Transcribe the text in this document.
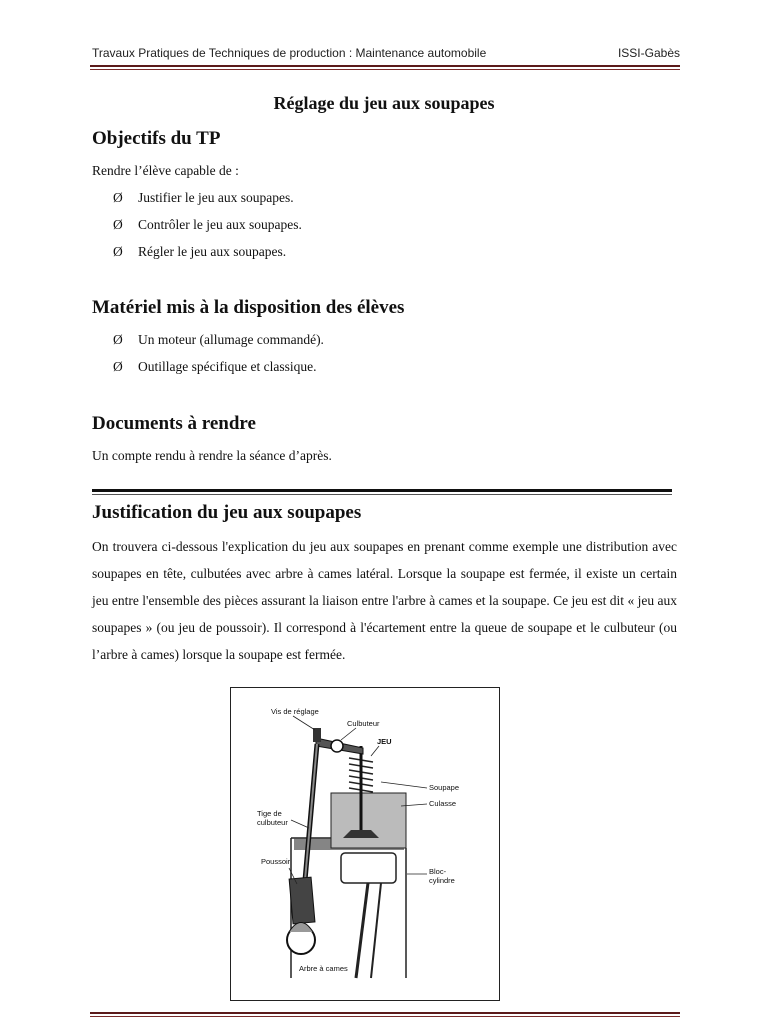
Travaux Pratiques de Techniques de production : Maintenance automobile	ISSI-Gabès
Réglage du jeu aux soupapes
Objectifs du TP
Rendre l’élève capable de :
Ø Justifier le jeu aux soupapes.
Ø Contrôler le jeu aux soupapes.
Ø Régler le jeu aux soupapes.
Matériel mis à la disposition des élèves
Ø Un moteur (allumage commandé).
Ø Outillage spécifique et classique.
Documents à rendre
Un compte rendu à rendre la séance d’après.
Justification du jeu aux soupapes
On trouvera ci-dessous l'explication du jeu aux soupapes en prenant comme exemple une distribution avec soupapes en tête, culbutées avec arbre à cames latéral. Lorsque la soupape est fermée, il existe un certain jeu entre l'ensemble des pièces assurant la liaison entre l'arbre à cames et la soupape. Ce jeu est dit « jeu aux soupapes » (ou jeu de poussoir). Il correspond à l'écartement entre la queue de soupape et le culbuteur (ou l’arbre à cames) lorsque la soupape est fermée.
Vis de réglage
Culbuteur
JEU
Soupape
Culasse
Tige de
culbuteur
Poussoir
Bloc-
cylindre
Arbre à cames
